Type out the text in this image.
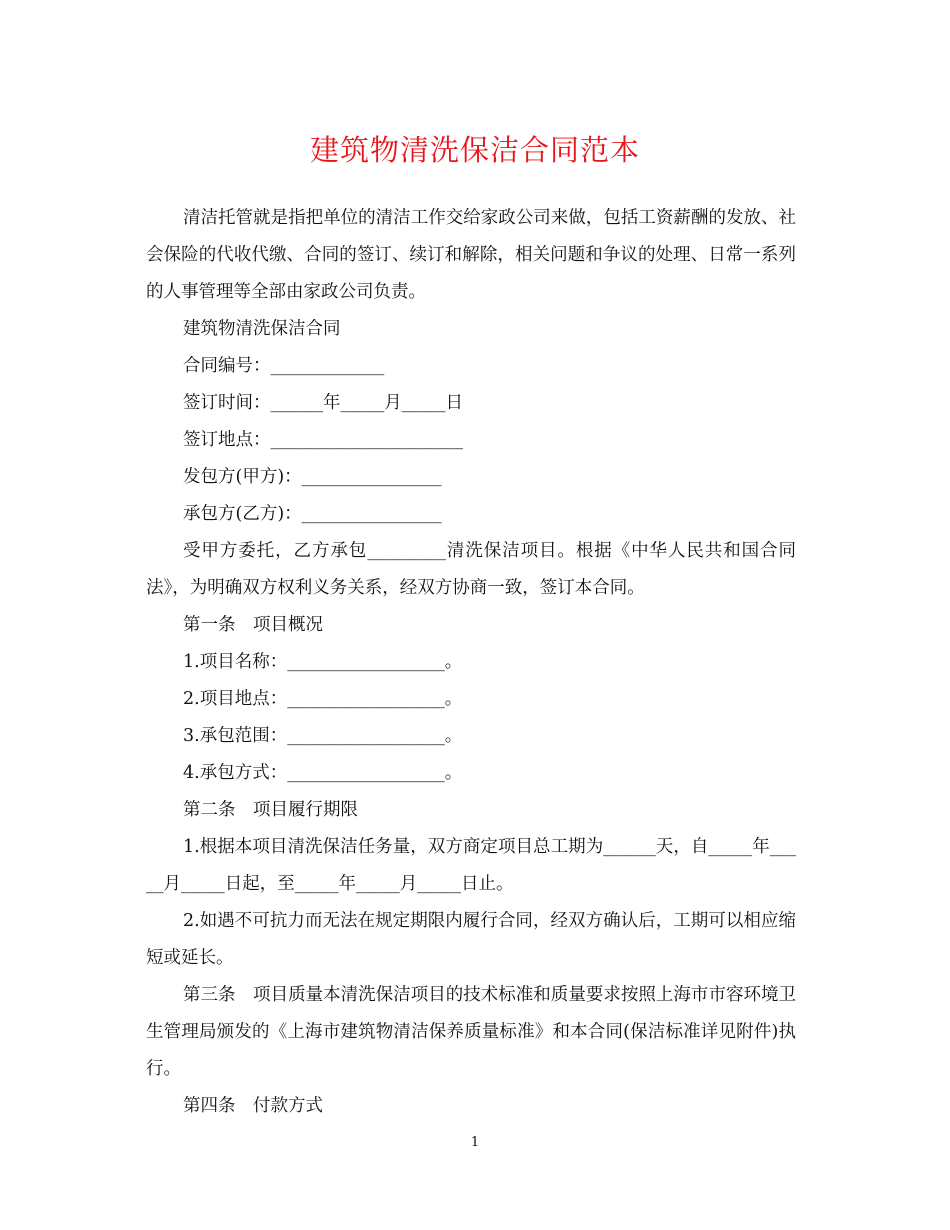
建筑物清洗保洁合同范本

清洁托管就是指把单位的清洁工作交给家政公司来做，包括工资薪酬的发放、社会保险的代收代缴、合同的签订、续订和解除，相关问题和争议的处理、日常一系列的人事管理等全部由家政公司负责。

建筑物清洗保洁合同

合同编号：_____________

签订时间：______年_____月_____日

签订地点：______________________

发包方(甲方)：________________

承包方(乙方)：________________

受甲方委托，乙方承包_________清洗保洁项目。根据《中华人民共和国合同法》，为明确双方权利义务关系，经双方协商一致，签订本合同。

第一条　项目概况

1.项目名称：__________________。

2.项目地点：__________________。

3.承包范围：__________________。

4.承包方式：__________________。

第二条　项目履行期限

1.根据本项目清洗保洁任务量，双方商定项目总工期为______天，自_____年_____月_____日起，至_____年_____月_____日止。

2.如遇不可抗力而无法在规定期限内履行合同，经双方确认后，工期可以相应缩短或延长。

第三条　项目质量本清洗保洁项目的技术标准和质量要求按照上海市市容环境卫生管理局颁发的《上海市建筑物清洁保养质量标准》和本合同(保洁标准详见附件)执行。

第四条　付款方式

1
